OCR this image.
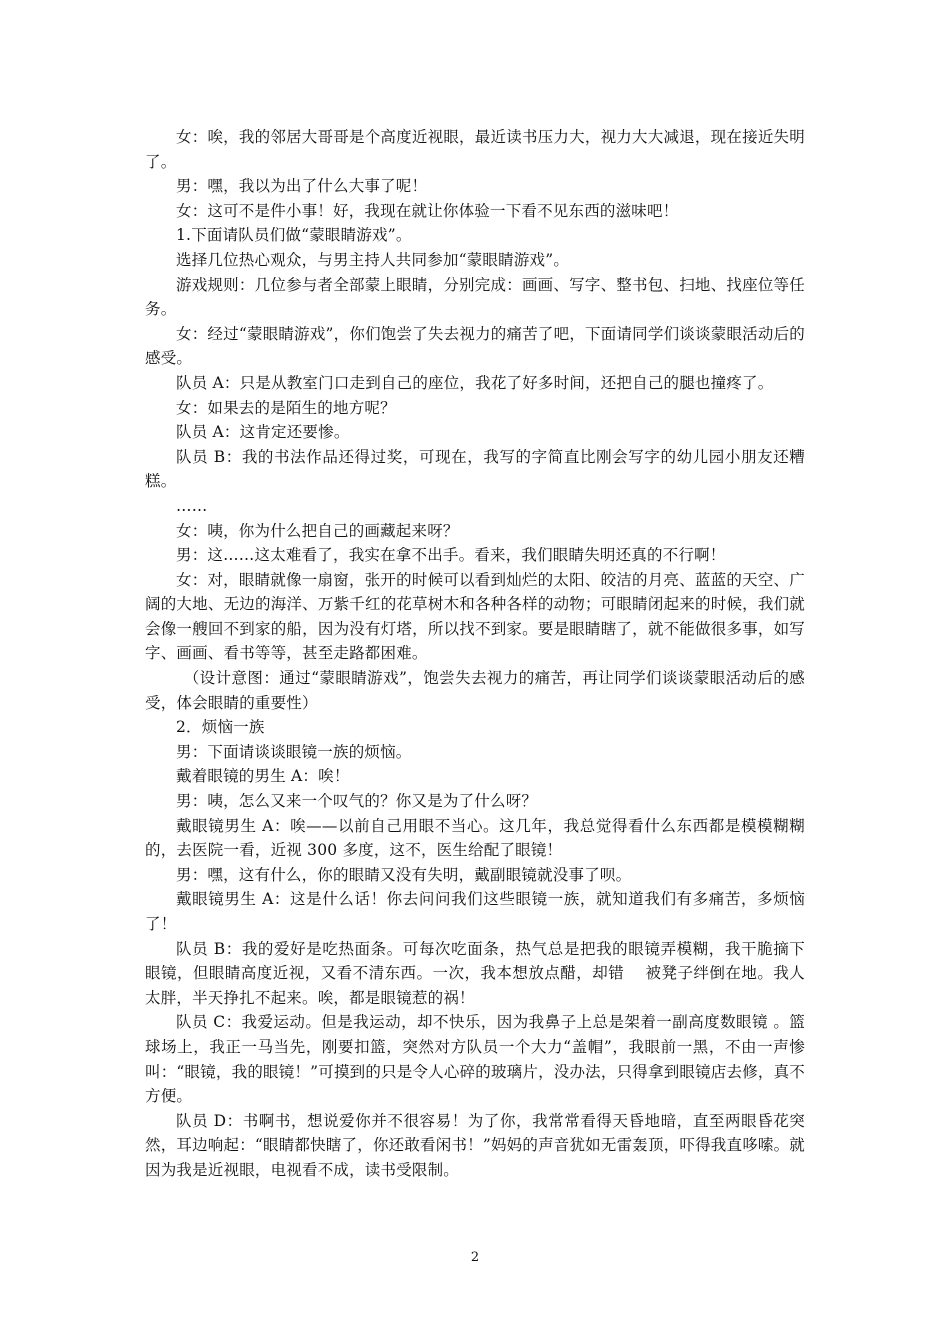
女：唉，我的邻居大哥哥是个高度近视眼，最近读书压力大，视力大大减退，现在接近失明了。

男：嘿，我以为出了什么大事了呢！

女：这可不是件小事！好，我现在就让你体验一下看不见东西的滋味吧！

1.下面请队员们做“蒙眼睛游戏”。

选择几位热心观众，与男主持人共同参加“蒙眼睛游戏”。

游戏规则：几位参与者全部蒙上眼睛，分别完成：画画、写字、整书包、扫地、找座位等任务。

女：经过“蒙眼睛游戏”，你们饱尝了失去视力的痛苦了吧，下面请同学们谈谈蒙眼活动后的感受。

队员 A：只是从教室门口走到自己的座位，我花了好多时间，还把自己的腿也撞疼了。

女：如果去的是陌生的地方呢？

队员 A：这肯定还要惨。

队员 B：我的书法作品还得过奖，可现在，我写的字简直比刚会写字的幼儿园小朋友还糟糕。

……

女：咦，你为什么把自己的画藏起来呀？

男：这……这太难看了，我实在拿不出手。看来，我们眼睛失明还真的不行啊！

女：对，眼睛就像一扇窗，张开的时候可以看到灿烂的太阳、皎洁的月亮、蓝蓝的天空、广阔的大地、无边的海洋、万紫千红的花草树木和各种各样的动物；可眼睛闭起来的时候，我们就会像一艘回不到家的船，因为没有灯塔，所以找不到家。要是眼睛瞎了，就不能做很多事，如写字、画画、看书等等，甚至走路都困难。

（设计意图：通过“蒙眼睛游戏”，饱尝失去视力的痛苦，再让同学们谈谈蒙眼活动后的感受，体会眼睛的重要性）

2．烦恼一族

男：下面请谈谈眼镜一族的烦恼。

戴着眼镜的男生 A：唉！

男：咦，怎么又来一个叹气的？你又是为了什么呀？

戴眼镜男生 A：唉——以前自己用眼不当心。这几年，我总觉得看什么东西都是模模糊糊的，去医院一看，近视 300 多度，这不，医生给配了眼镜！

男：嘿，这有什么，你的眼睛又没有失明，戴副眼镜就没事了呗。

戴眼镜男生 A：这是什么话！你去问问我们这些眼镜一族，就知道我们有多痛苦，多烦恼了！

队员 B：我的爱好是吃热面条。可每次吃面条，热气总是把我的眼镜弄模糊，我干脆摘下眼镜，但眼睛高度近视，又看不清东西。一次，我本想放点醋，却错　 被凳子绊倒在地。我人太胖，半天挣扎不起来。唉，都是眼镜惹的祸！

队员 C：我爱运动。但是我运动，却不快乐，因为我鼻子上总是架着一副高度数眼镜 。篮球场上，我正一马当先，刚要扣篮，突然对方队员一个大力“盖帽”，我眼前一黑，不由一声惨叫：“眼镜，我的眼镜！”可摸到的只是令人心碎的玻璃片，没办法，只得拿到眼镜店去修，真不方便。

队员 D：书啊书，想说爱你并不很容易！为了你，我常常看得天昏地暗，直至两眼昏花突然，耳边响起：“眼睛都快瞎了，你还敢看闲书！”妈妈的声音犹如无雷轰顶，吓得我直哆嗦。就因为我是近视眼，电视看不成，读书受限制。

2
